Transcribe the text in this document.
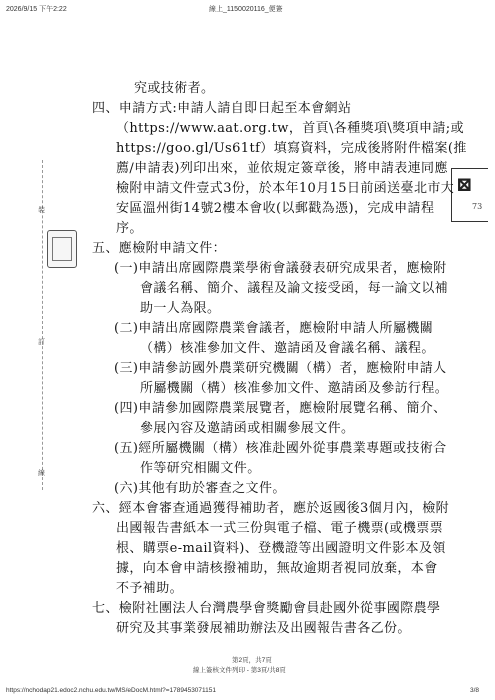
2026/9/15 下午2:22	線上_1150020116_便簽
裝
訂
線
⊠
73
究或技術者。
四、申請方式:申請人請自即日起至本會網站
（https://www.aat.org.tw，首頁\各種獎項\獎項申請;或
https://goo.gl/Us61tf）填寫資料，完成後將附件檔案(推
薦/申請表)列印出來，並依規定簽章後，將申請表連同應
檢附申請文件壹式3份，於本年10月15日前函送臺北市大
安區溫州街14號2樓本會收(以郵戳為憑)，完成申請程
序。
五、應檢附申請文件：
(一)申請出席國際農業學術會議發表研究成果者，應檢附
會議名稱、簡介、議程及論文接受函，每一論文以補
助一人為限。
(二)申請出席國際農業會議者，應檢附申請人所屬機關
（構）核准參加文件、邀請函及會議名稱、議程。
(三)申請參訪國外農業研究機關（構）者，應檢附申請人
所屬機關（構）核准參加文件、邀請函及參訪行程。
(四)申請參加國際農業展覽者，應檢附展覽名稱、簡介、
參展內容及邀請函或相關參展文件。
(五)經所屬機關（構）核准赴國外從事農業專題或技術合
作等研究相關文件。
(六)其他有助於審查之文件。
六、經本會審查通過獲得補助者，應於返國後3個月內，檢附
出國報告書紙本一式三份與電子檔、電子機票(或機票票
根、購票e-mail資料)、登機證等出國證明文件影本及領
據，向本會申請核撥補助，無故逾期者視同放棄，本會
不予補助。
七、檢附社團法人台灣農學會獎勵會員赴國外從事國際農學
研究及其事業發展補助辦法及出國報告書各乙份。
第2頁，共7頁
線上簽核文件列印 - 第3頁/共8頁
https://nchodap21.edoc2.nchu.edu.tw/MS/eDocM.html?=1789453071151	3/8
